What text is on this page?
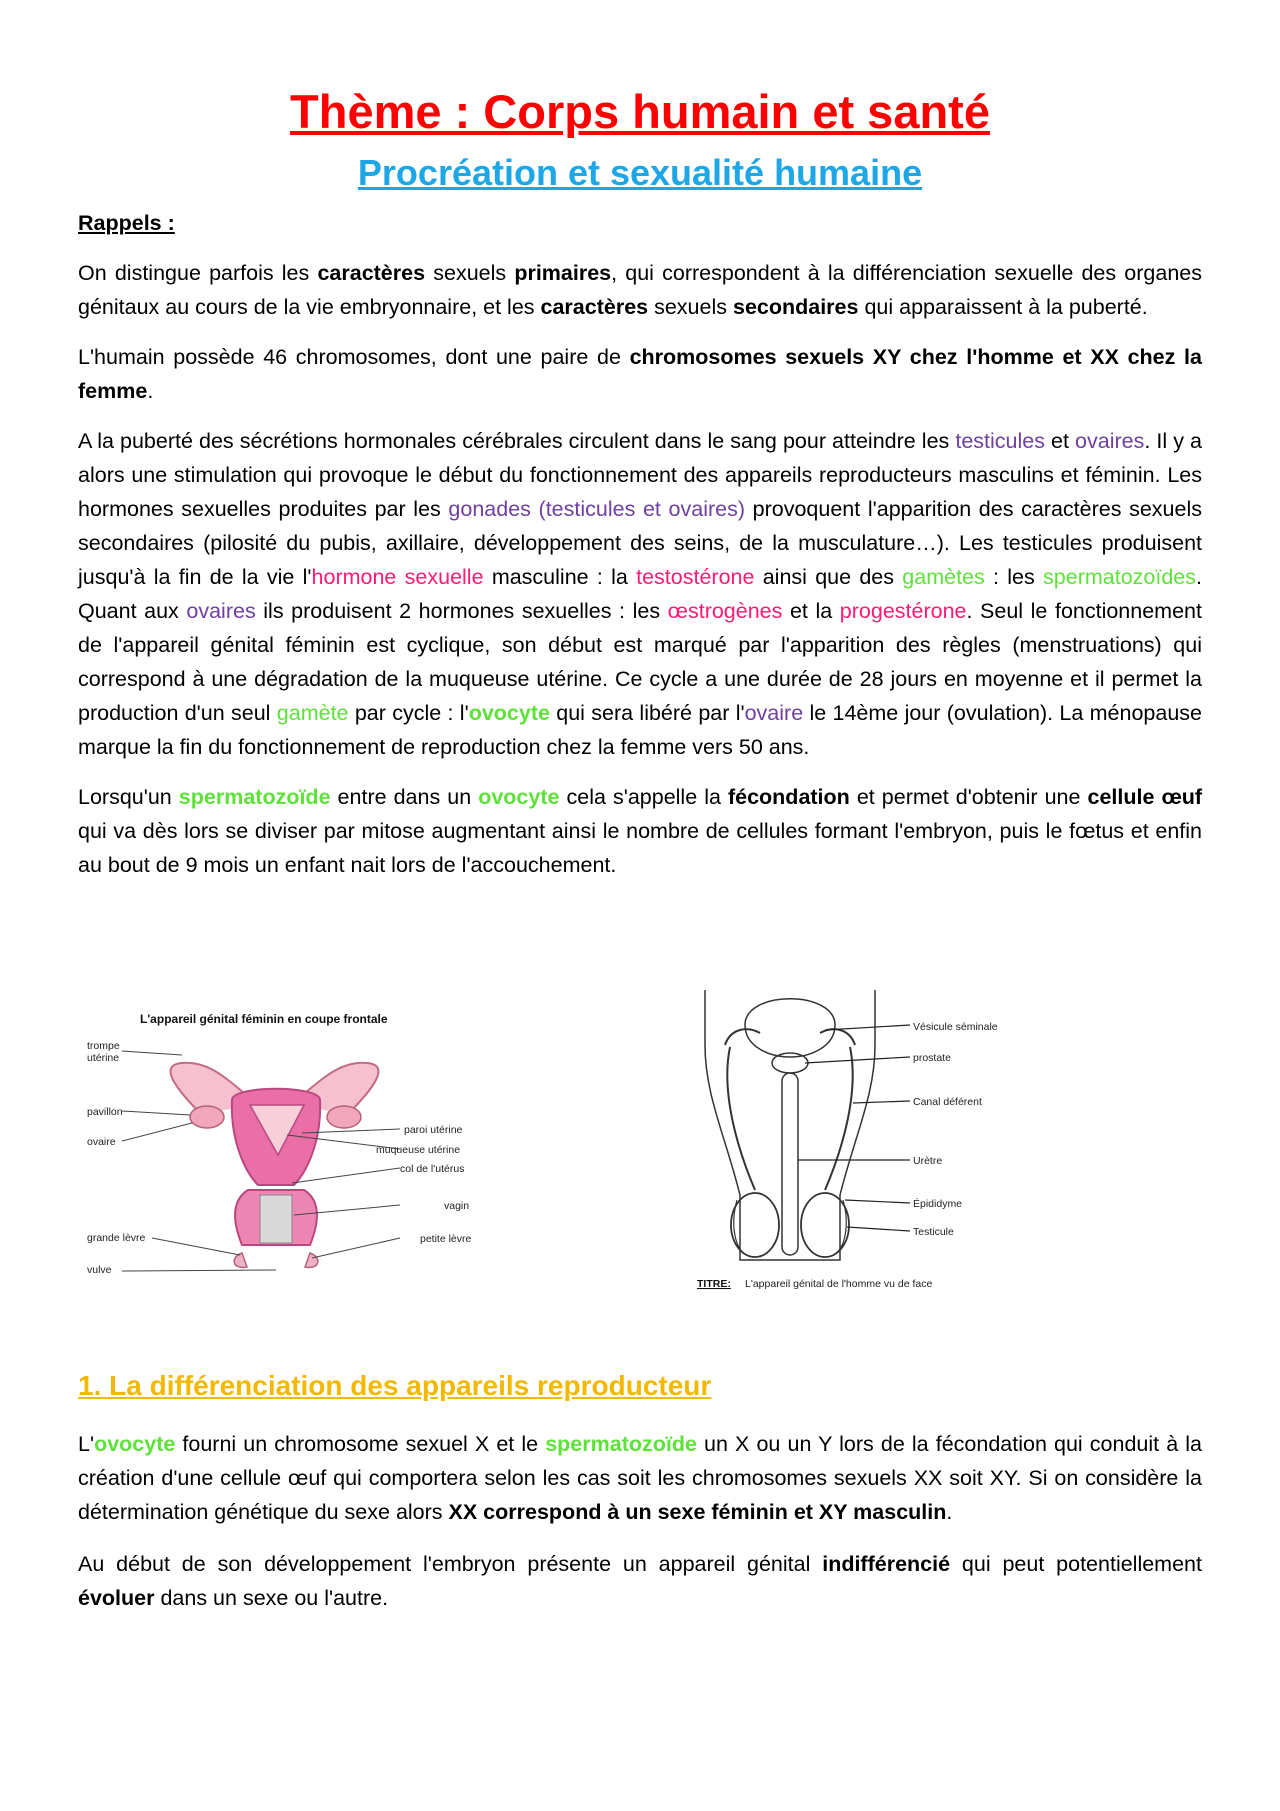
Thème : Corps humain et santé
Procréation et sexualité humaine

Rappels :

On distingue parfois les caractères sexuels primaires, qui correspondent à la différenciation sexuelle des organes génitaux au cours de la vie embryonnaire, et les caractères sexuels secondaires qui apparaissent à la puberté.

L'humain possède 46 chromosomes, dont une paire de chromosomes sexuels XY chez l'homme et XX chez la femme.

A la puberté des sécrétions hormonales cérébrales circulent dans le sang pour atteindre les testicules et ovaires. Il y a alors une stimulation qui provoque le début du fonctionnement des appareils reproducteurs masculins et féminin. Les hormones sexuelles produites par les gonades (testicules et ovaires) provoquent l'apparition des caractères sexuels secondaires (pilosité du pubis, axillaire, développement des seins, de la musculature…). Les testicules produisent jusqu'à la fin de la vie l'hormone sexuelle masculine : la testostérone ainsi que des gamètes : les spermatozoïdes. Quant aux ovaires ils produisent 2 hormones sexuelles : les œstrogènes et la progestérone. Seul le fonctionnement de l'appareil génital féminin est cyclique, son début est marqué par l'apparition des règles (menstruations) qui correspond à une dégradation de la muqueuse utérine. Ce cycle a une durée de 28 jours en moyenne et il permet la production d'un seul gamète par cycle : l'ovocyte qui sera libéré par l'ovaire le 14ème jour (ovulation). La ménopause marque la fin du fonctionnement de reproduction chez la femme vers 50 ans.

Lorsqu'un spermatozoïde entre dans un ovocyte cela s'appelle la fécondation et permet d'obtenir une cellule œuf qui va dès lors se diviser par mitose augmentant ainsi le nombre de cellules formant l'embryon, puis le fœtus et enfin au bout de 9 mois un enfant nait lors de l'accouchement.

L'appareil génital féminin en coupe frontale
trompe
utérine
pavillon
ovaire
grande lèvre
vulve
paroi utérine
muqueuse utérine
col de l'utérus
vagin
petite lèvre
Vésicule séminale
prostate
Canal déférent
Urètre
Épididyme
Testicule
TITRE: L'appareil génital de l'homme vu de face
1. La différenciation des appareils reproducteur

L'ovocyte fourni un chromosome sexuel X et le spermatozoïde un X ou un Y lors de la fécondation qui conduit à la création d'une cellule œuf qui comportera selon les cas soit les chromosomes sexuels XX soit XY. Si on considère la détermination génétique du sexe alors XX correspond à un sexe féminin et XY masculin.

Au début de son développement l'embryon présente un appareil génital indifférencié qui peut potentiellement évoluer dans un sexe ou l'autre.
